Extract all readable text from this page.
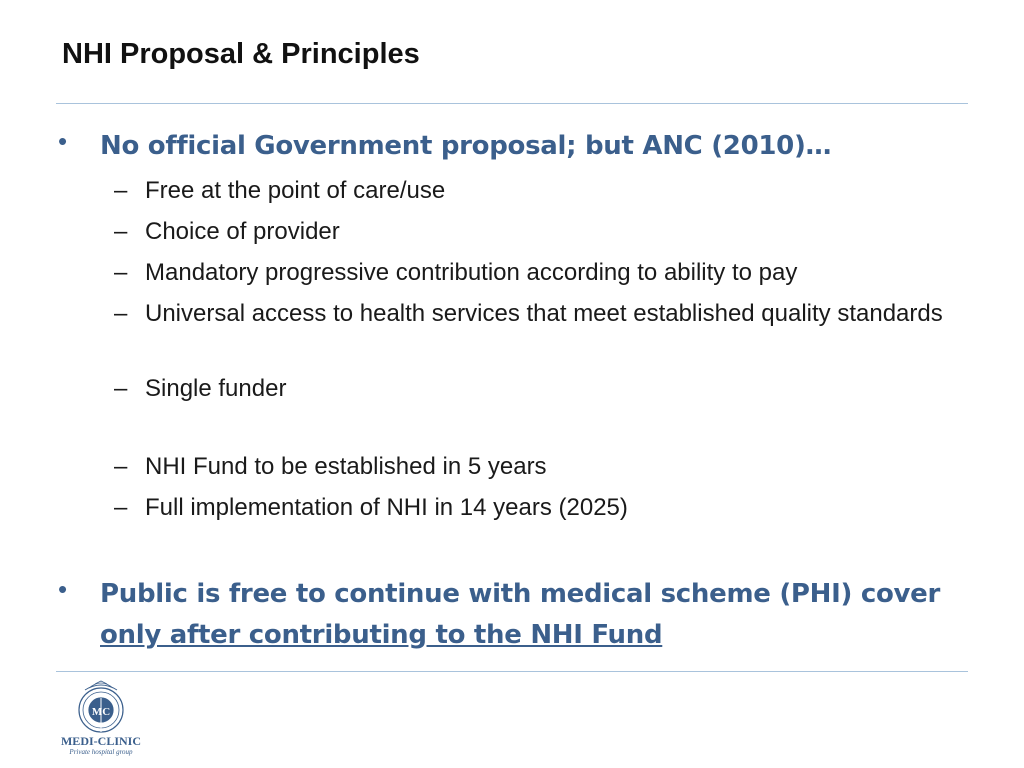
NHI Proposal & Principles
• No official Government proposal; but ANC (2010)…
– Free at the point of care/use
– Choice of provider
– Mandatory progressive contribution according to ability to pay
– Universal access to health services that meet established quality standards
– Single funder
– NHI Fund to be established in 5 years
– Full implementation of NHI in 14 years (2025)
• Public is free to continue with medical scheme (PHI) cover
only after contributing to the NHI Fund
MC
MEDI-CLINIC
Private hospital group
